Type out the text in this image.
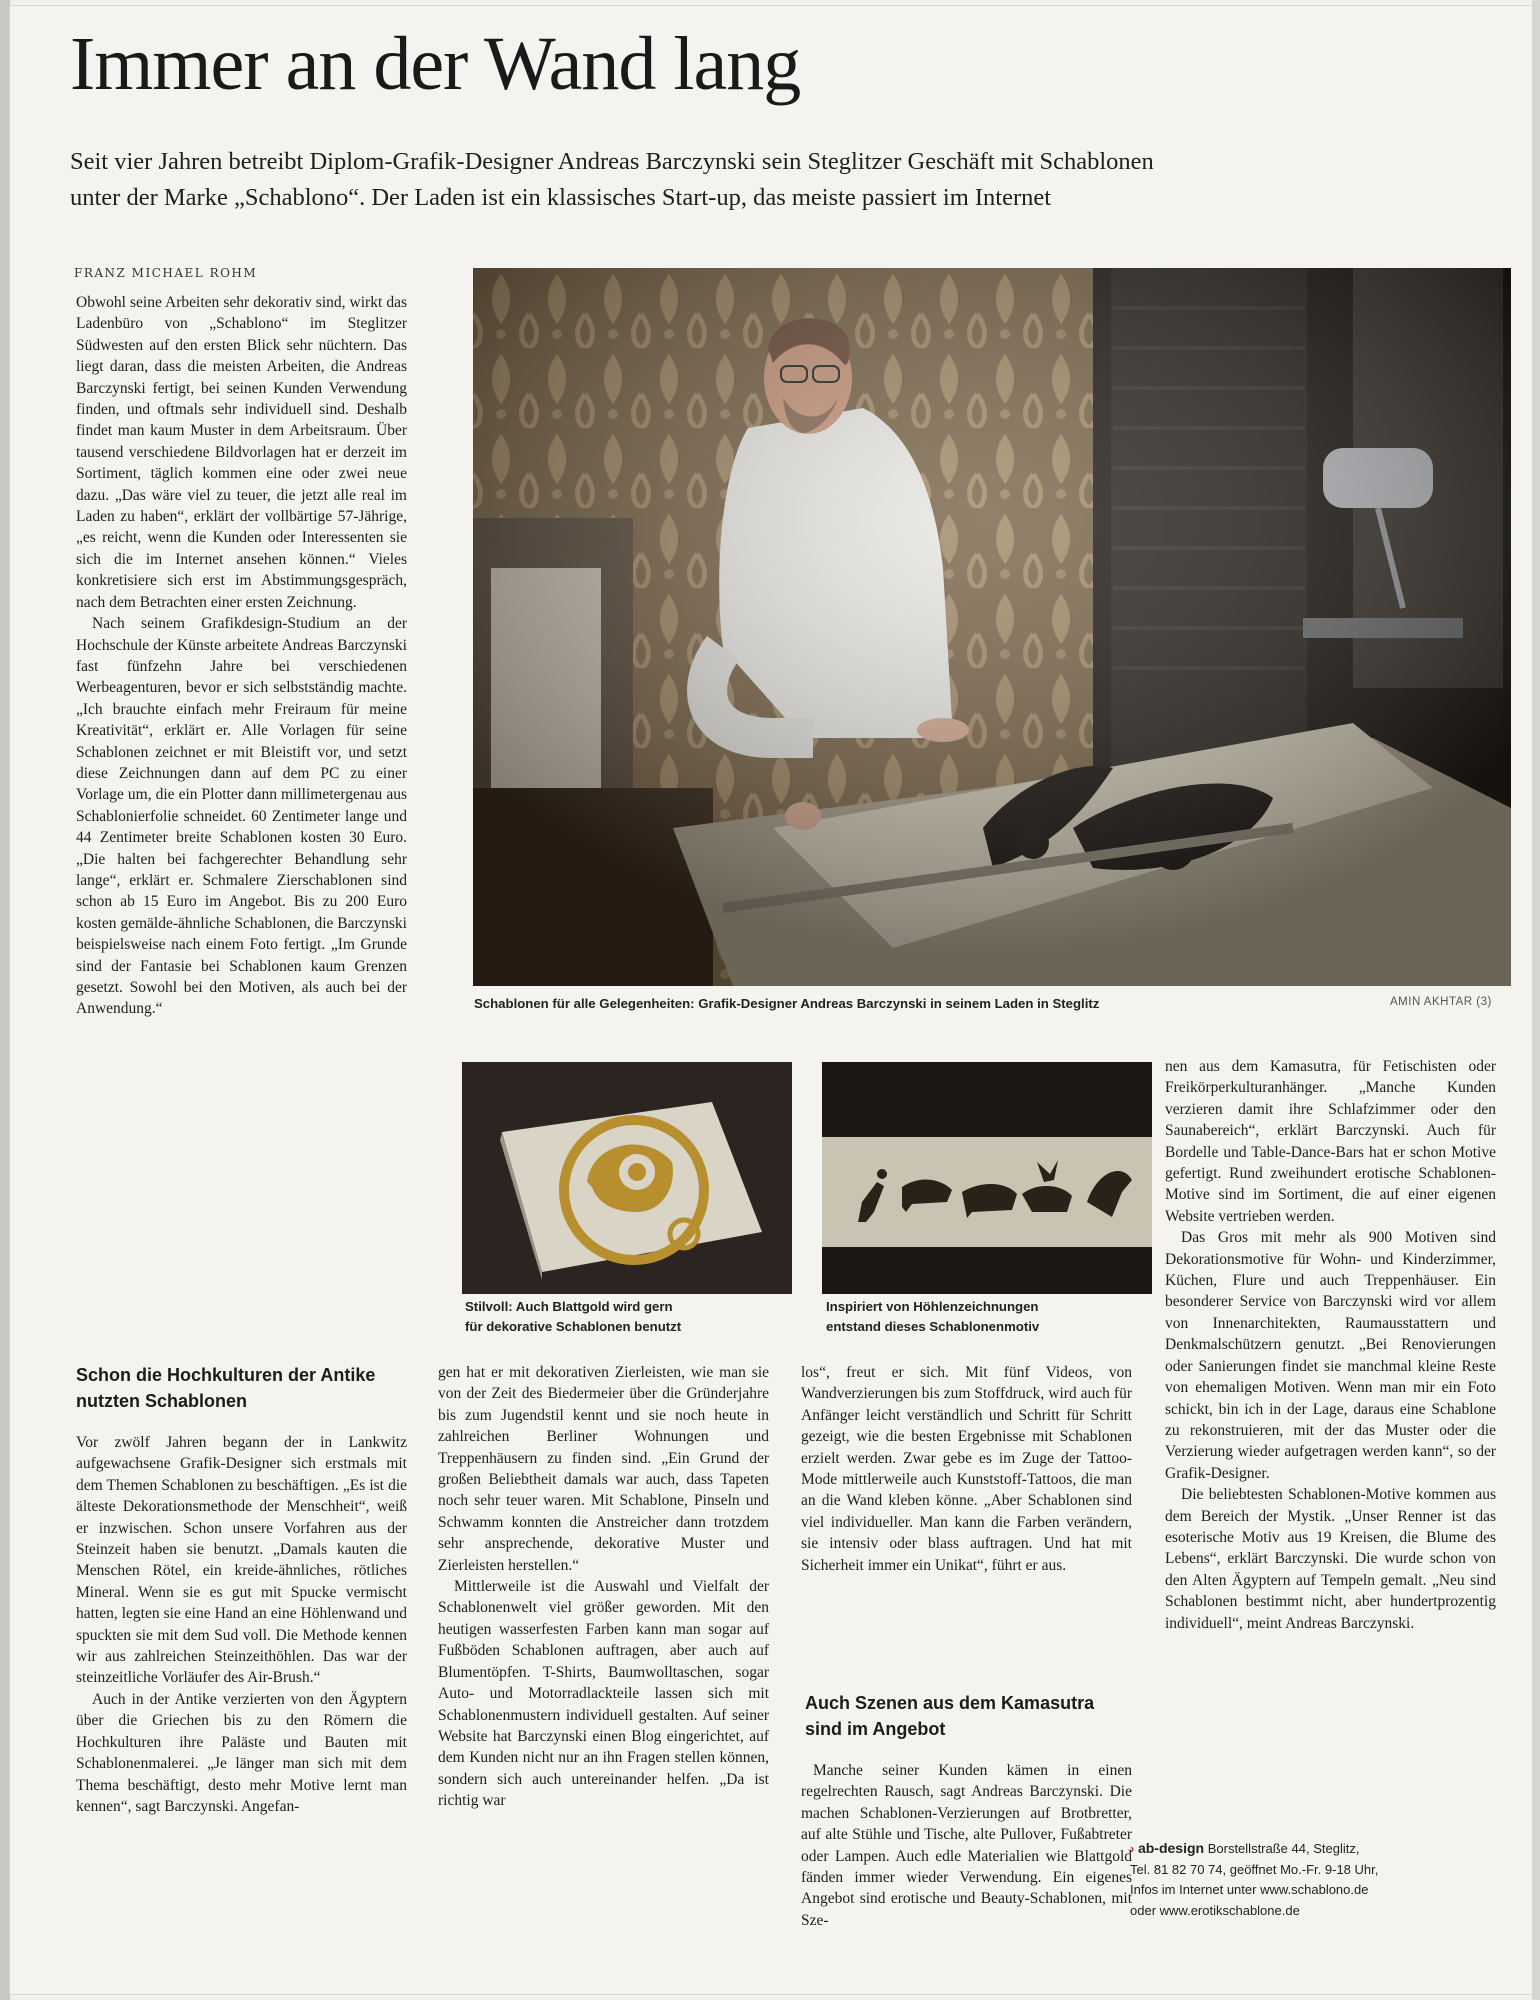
Immer an der Wand lang
Seit vier Jahren betreibt Diplom-Grafik-Designer Andreas Barczynski sein Steglitzer Geschäft mit Schablonen
unter der Marke „Schablono“. Der Laden ist ein klassisches Start-up, das meiste passiert im Internet
FRANZ MICHAEL ROHM
Schablonen für alle Gelegenheiten: Grafik-Designer Andreas Barczynski in seinem Laden in Steglitz	AMIN AKHTAR (3)
Stilvoll: Auch Blattgold wird gern
für dekorative Schablonen benutzt
Inspiriert von Höhlenzeichnungen
entstand dieses Schablonenmotiv

Obwohl seine Arbeiten sehr dekorativ sind, wirkt das Ladenbüro von „Schablono“ im Steglitzer Südwesten auf den ersten Blick sehr nüchtern. Das liegt daran, dass die meisten Arbeiten, die Andreas Barczynski fertigt, bei seinen Kunden Verwendung finden, und oftmals sehr individuell sind. Deshalb findet man kaum Muster in dem Arbeitsraum. Über tausend verschiedene Bildvorlagen hat er derzeit im Sortiment, täglich kommen eine oder zwei neue dazu. „Das wäre viel zu teuer, die jetzt alle real im Laden zu haben“, erklärt der vollbärtige 57-Jährige, „es reicht, wenn die Kunden oder Interessenten sie sich die im Internet ansehen können.“ Vieles konkretisiere sich erst im Abstimmungsgespräch, nach dem Betrachten einer ersten Zeichnung.

Nach seinem Grafikdesign-Studium an der Hochschule der Künste arbeitete Andreas Barczynski fast fünfzehn Jahre bei verschiedenen Werbeagenturen, bevor er sich selbstständig machte. „Ich brauchte einfach mehr Freiraum für meine Kreativität“, erklärt er. Alle Vorlagen für seine Schablonen zeichnet er mit Bleistift vor, und setzt diese Zeichnungen dann auf dem PC zu einer Vorlage um, die ein Plotter dann millimetergenau aus Schablonierfolie schneidet. 60 Zentimeter lange und 44 Zentimeter breite Schablonen kosten 30 Euro. „Die halten bei fachgerechter Behandlung sehr lange“, erklärt er. Schmalere Zierschablonen sind schon ab 15 Euro im Angebot. Bis zu 200 Euro kosten gemälde-ähnliche Schablonen, die Barczynski beispielsweise nach einem Foto fertigt. „Im Grunde sind der Fantasie bei Schablonen kaum Grenzen gesetzt. Sowohl bei den Motiven, als auch bei der Anwendung.“

Schon die Hochkulturen der Antike nutzten Schablonen

Vor zwölf Jahren begann der in Lankwitz aufgewachsene Grafik-Designer sich erstmals mit dem Themen Schablonen zu beschäftigen. „Es ist die älteste Dekorationsmethode der Menschheit“, weiß er inzwischen. Schon unsere Vorfahren aus der Steinzeit haben sie benutzt. „Damals kauten die Menschen Rötel, ein kreide-ähnliches, rötliches Mineral. Wenn sie es gut mit Spucke vermischt hatten, legten sie eine Hand an eine Höhlenwand und spuckten sie mit dem Sud voll. Die Methode kennen wir aus zahlreichen Steinzeithöhlen. Das war der steinzeitliche Vorläufer des Air-Brush.“

Auch in der Antike verzierten von den Ägyptern über die Griechen bis zu den Römern die Hochkulturen ihre Paläste und Bauten mit Schablonenmalerei. „Je länger man sich mit dem Thema beschäftigt, desto mehr Motive lernt man kennen“, sagt Barczynski. Angefan-

gen hat er mit dekorativen Zierleisten, wie man sie von der Zeit des Biedermeier über die Gründerjahre bis zum Jugendstil kennt und sie noch heute in zahlreichen Berliner Wohnungen und Treppenhäusern zu finden sind. „Ein Grund der großen Beliebtheit damals war auch, dass Tapeten noch sehr teuer waren. Mit Schablone, Pinseln und Schwamm konnten die Anstreicher dann trotzdem sehr ansprechende, dekorative Muster und Zierleisten herstellen.“

Mittlerweile ist die Auswahl und Vielfalt der Schablonenwelt viel größer geworden. Mit den heutigen wasserfesten Farben kann man sogar auf Fußböden Schablonen auftragen, aber auch auf Blumentöpfen. T-Shirts, Baumwolltaschen, sogar Auto- und Motorradlackteile lassen sich mit Schablonenmustern individuell gestalten. Auf seiner Website hat Barczynski einen Blog eingerichtet, auf dem Kunden nicht nur an ihn Fragen stellen können, sondern sich auch untereinander helfen. „Da ist richtig war

los“, freut er sich. Mit fünf Videos, von Wandverzierungen bis zum Stoffdruck, wird auch für Anfänger leicht verständlich und Schritt für Schritt gezeigt, wie die besten Ergebnisse mit Schablonen erzielt werden. Zwar gebe es im Zuge der Tattoo-Mode mittlerweile auch Kunststoff-Tattoos, die man an die Wand kleben könne. „Aber Schablonen sind viel individueller. Man kann die Farben verändern, sie intensiv oder blass auftragen. Und hat mit Sicherheit immer ein Unikat“, führt er aus.

Auch Szenen aus dem Kamasutra sind im Angebot

Manche seiner Kunden kämen in einen regelrechten Rausch, sagt Andreas Barczynski. Die machen Schablonen-Verzierungen auf Brotbretter, auf alte Stühle und Tische, alte Pullover, Fußabtreter oder Lampen. Auch edle Materialien wie Blattgold fänden immer wieder Verwendung. Ein eigenes Angebot sind erotische und Beauty-Schablonen, mit Sze-

nen aus dem Kamasutra, für Fetischisten oder Freikörperkulturanhänger. „Manche Kunden verzieren damit ihre Schlafzimmer oder den Saunabereich“, erklärt Barczynski. Auch für Bordelle und Table-Dance-Bars hat er schon Motive gefertigt. Rund zweihundert erotische Schablonen-Motive sind im Sortiment, die auf einer eigenen Website vertrieben werden.

Das Gros mit mehr als 900 Motiven sind Dekorationsmotive für Wohn- und Kinderzimmer, Küchen, Flure und auch Treppenhäuser. Ein besonderer Service von Barczynski wird vor allem von Innenarchitekten, Raumausstattern und Denkmalschützern genutzt. „Bei Renovierungen oder Sanierungen findet sie manchmal kleine Reste von ehemaligen Motiven. Wenn man mir ein Foto schickt, bin ich in der Lage, daraus eine Schablone zu rekonstruieren, mit der das Muster oder die Verzierung wieder aufgetragen werden kann“, so der Grafik-Designer.

Die beliebtesten Schablonen-Motive kommen aus dem Bereich der Mystik. „Unser Renner ist das esoterische Motiv aus 19 Kreisen, die Blume des Lebens“, erklärt Barczynski. Die wurde schon von den Alten Ägyptern auf Tempeln gemalt. „Neu sind Schablonen bestimmt nicht, aber hundertprozentig individuell“, meint Andreas Barczynski.

› ab-design Borstellstraße 44, Steglitz,
Tel. 81 82 70 74, geöffnet Mo.-Fr. 9-18 Uhr,
Infos im Internet unter www.schablono.de
oder www.erotikschablone.de
